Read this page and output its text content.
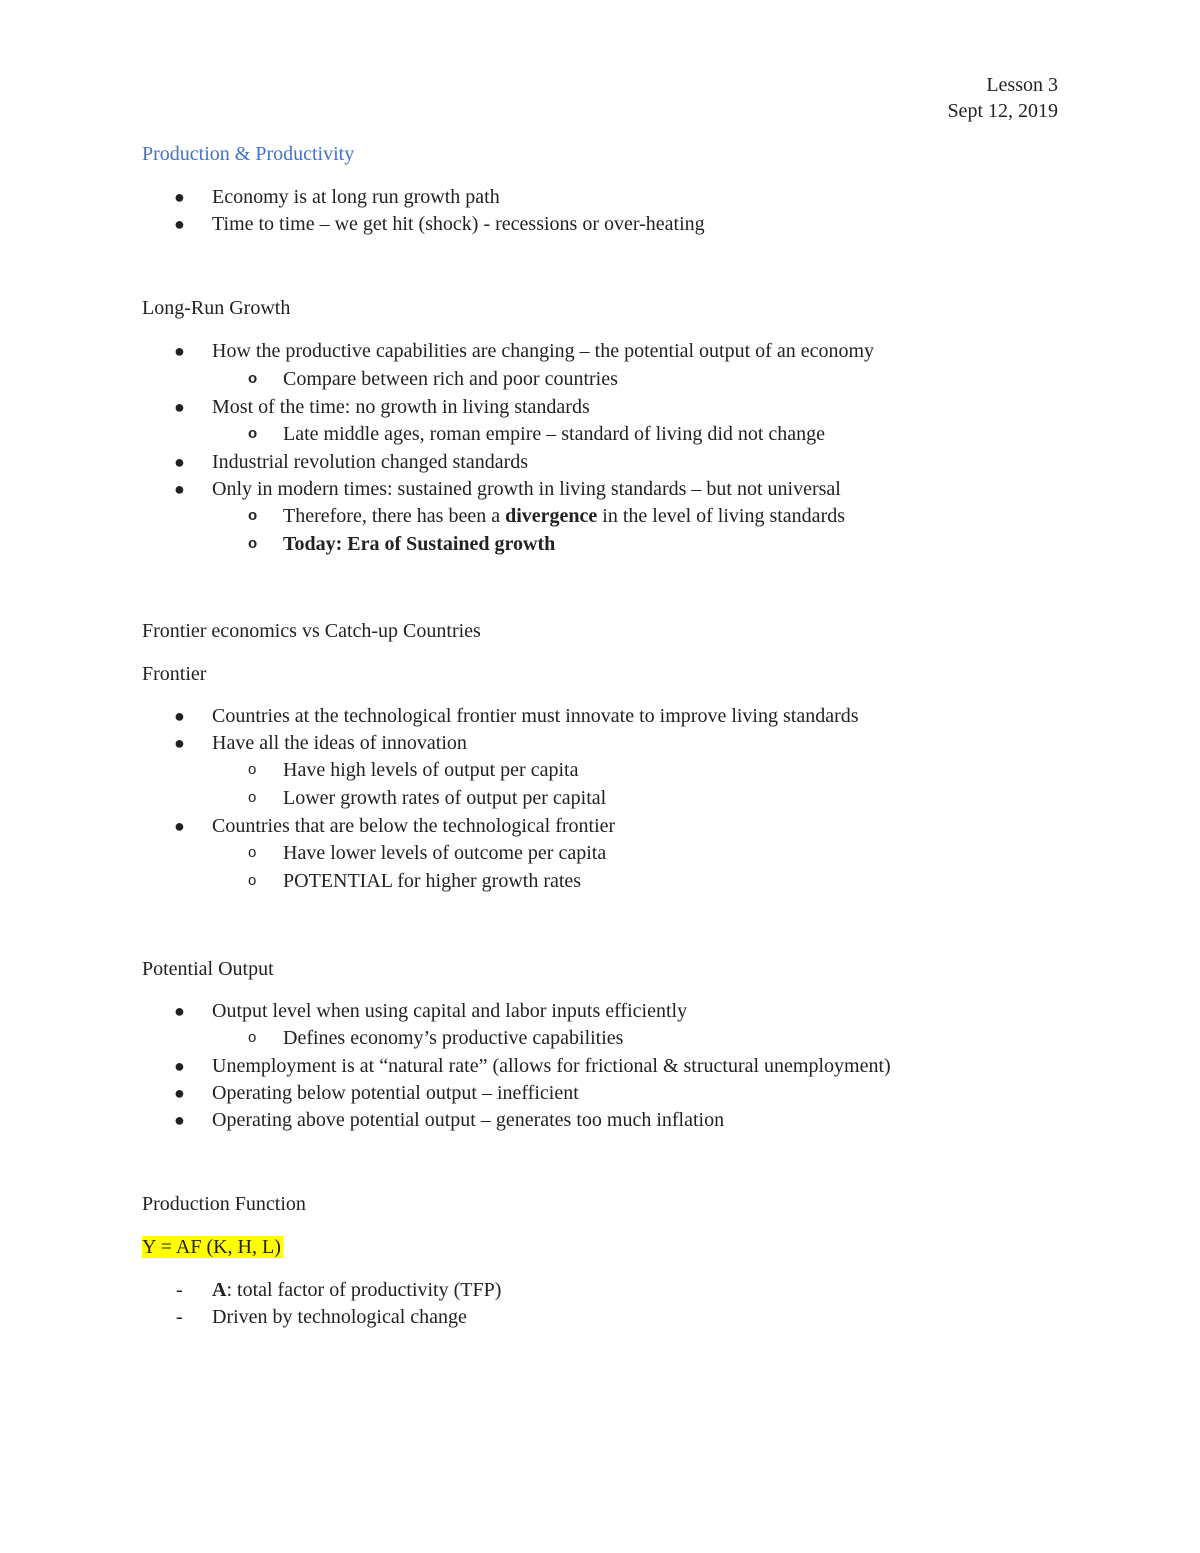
Lesson 3
Sept 12, 2019
Production & Productivity
● Economy is at long run growth path
● Time to time – we get hit (shock) - recessions or over-heating
Long-Run Growth
● How the productive capabilities are changing – the potential output of an economy
o Compare between rich and poor countries
● Most of the time: no growth in living standards
o Late middle ages, roman empire – standard of living did not change
● Industrial revolution changed standards
● Only in modern times: sustained growth in living standards – but not universal
o Therefore, there has been a divergence in the level of living standards
o Today: Era of Sustained growth
Frontier economics vs Catch-up Countries
Frontier
● Countries at the technological frontier must innovate to improve living standards
● Have all the ideas of innovation
o Have high levels of output per capita
o Lower growth rates of output per capital
● Countries that are below the technological frontier
o Have lower levels of outcome per capita
o POTENTIAL for higher growth rates
Potential Output
● Output level when using capital and labor inputs efficiently
o Defines economy’s productive capabilities
● Unemployment is at “natural rate” (allows for frictional & structural unemployment)
● Operating below potential output – inefficient
● Operating above potential output – generates too much inflation
Production Function
Y = AF (K, H, L)
- A: total factor of productivity (TFP)
- Driven by technological change
